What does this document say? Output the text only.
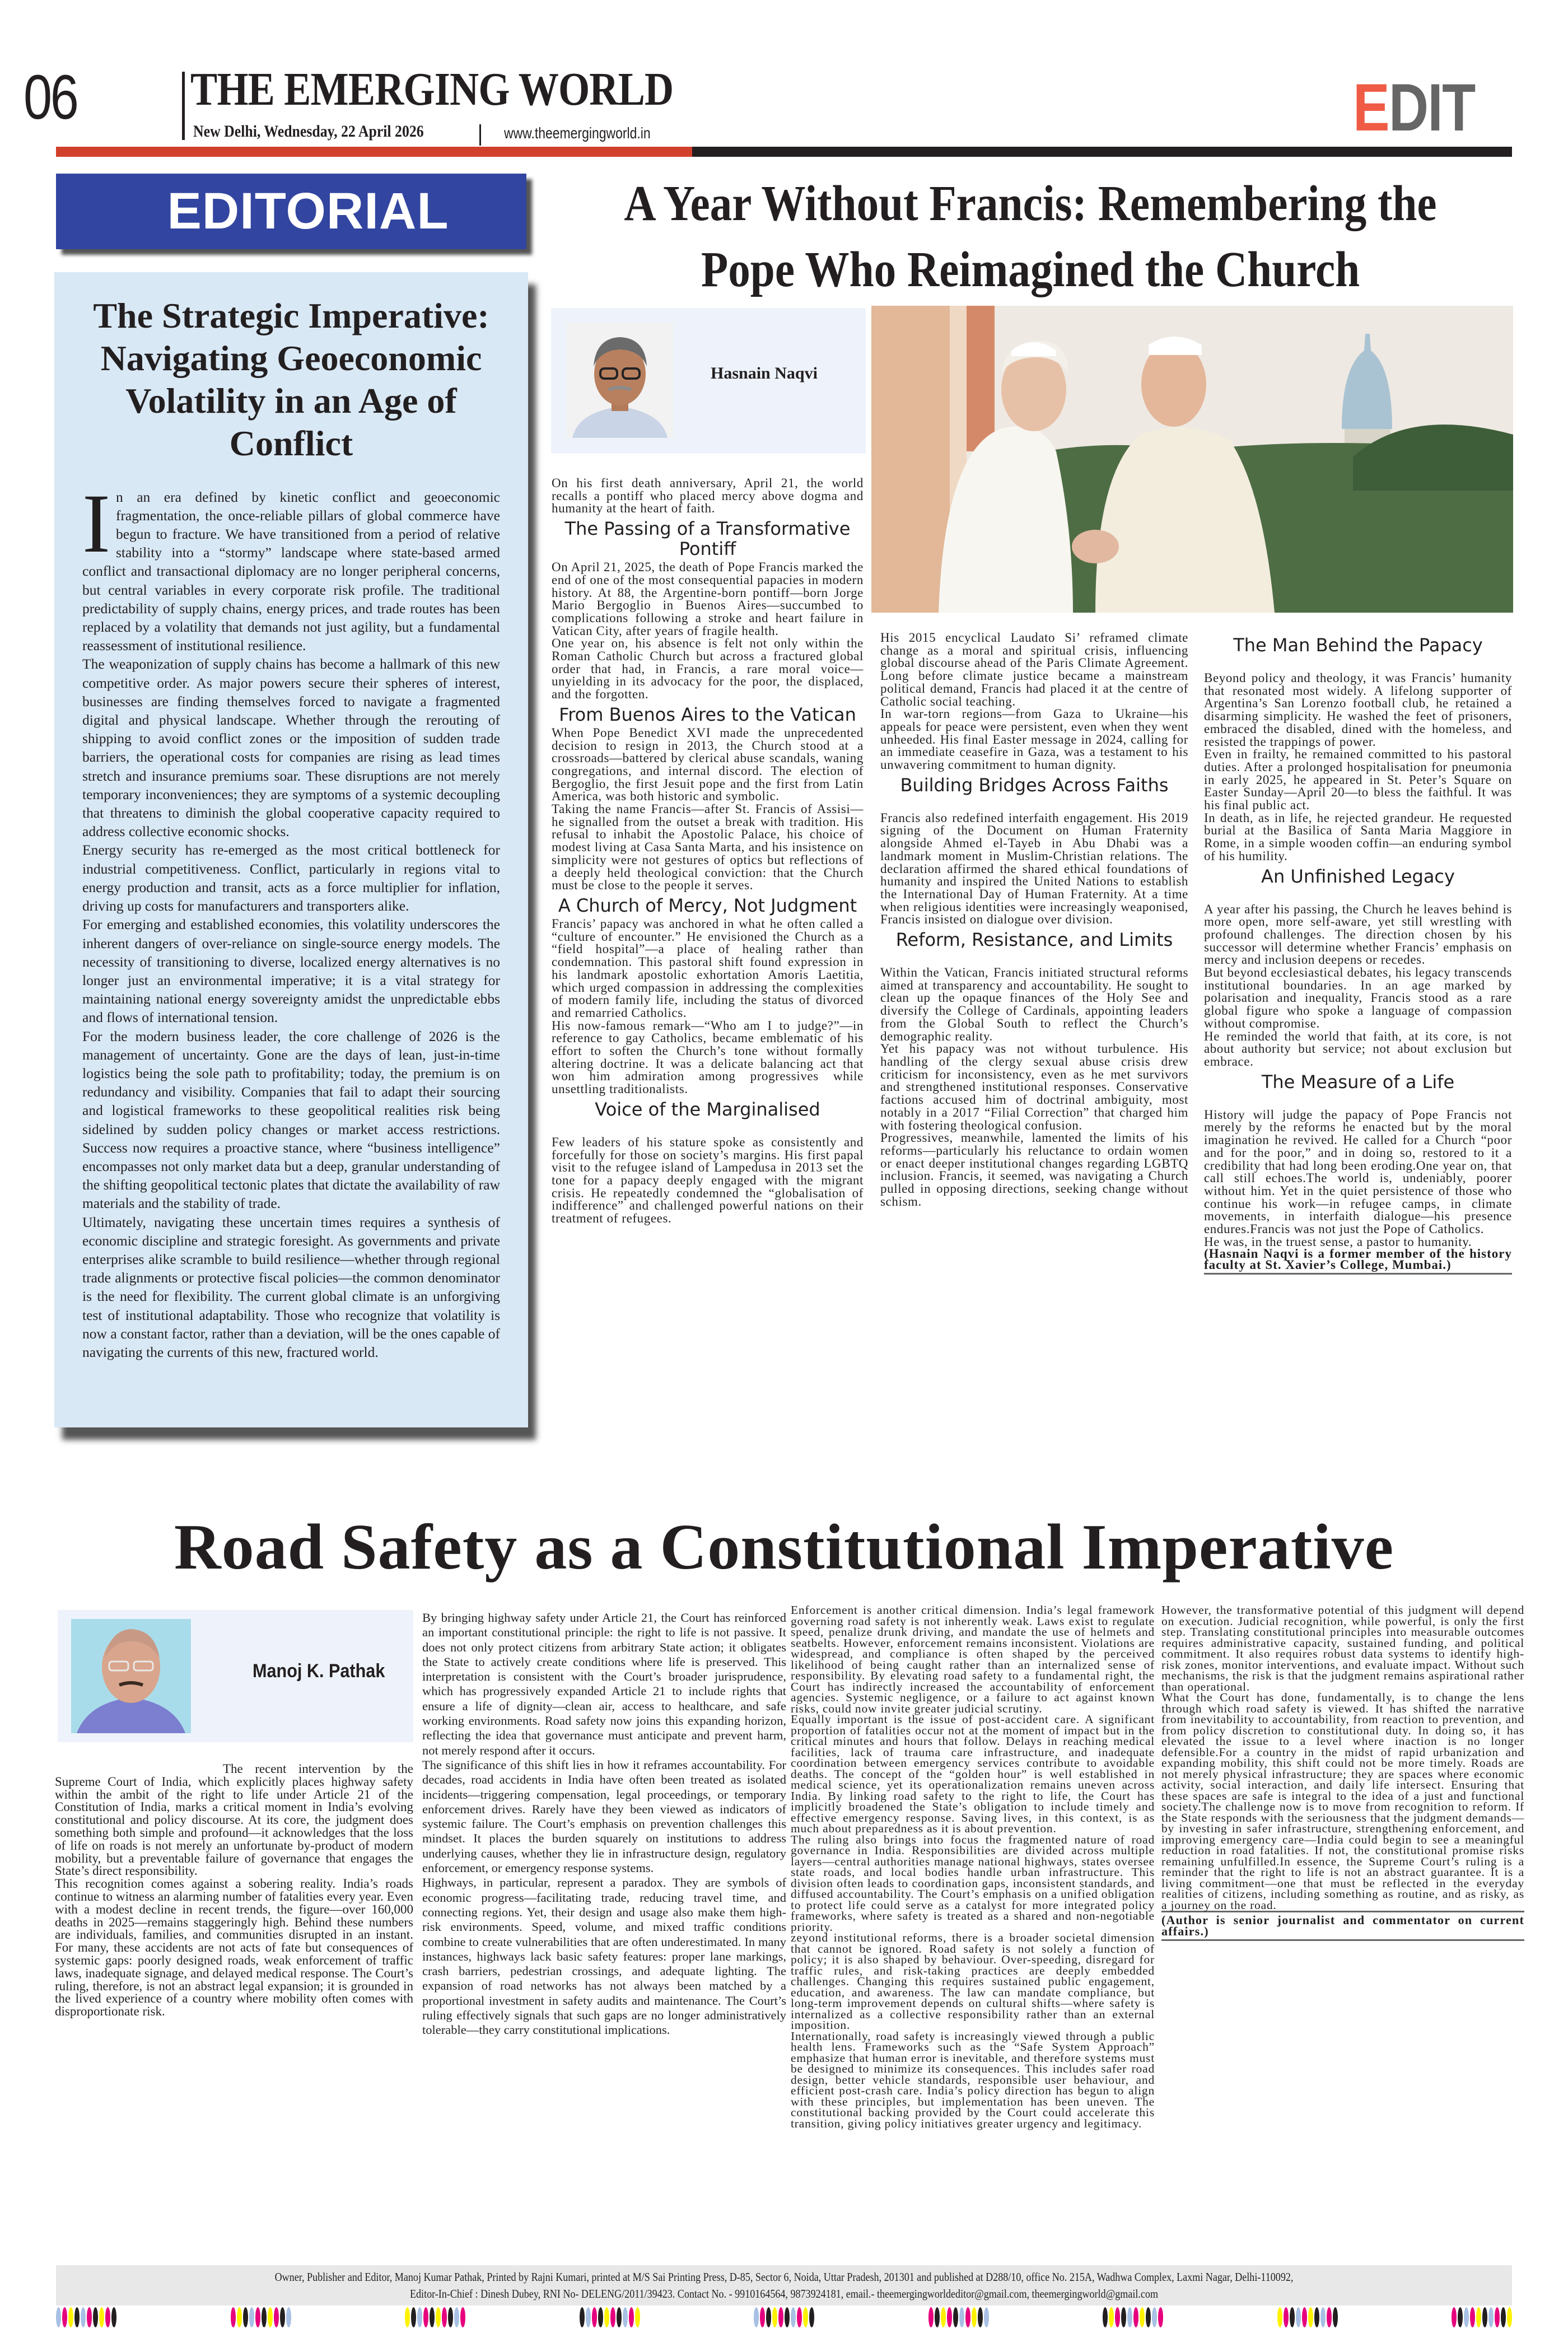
06 THE EMERGING WORLD
New Delhi, Wednesday, 22 April 2026	www.theemergingworld.in	EDIT
EDITORIAL
The Strategic Imperative: Navigating Geoeconomic Volatility in an Age of Conflict

In an era defined by kinetic conflict and geoeconomic fragmentation, the once-reliable pillars of global commerce have begun to fracture. We have transitioned from a period of relative stability into a “stormy” landscape where state-based armed conflict and transactional diplomacy are no longer peripheral concerns, but central variables in every corporate risk profile. The traditional predictability of supply chains, energy prices, and trade routes has been replaced by a volatility that demands not just agility, but a fundamental reassessment of institutional resilience.

The weaponization of supply chains has become a hallmark of this new competitive order. As major powers secure their spheres of interest, businesses are finding themselves forced to navigate a fragmented digital and physical landscape. Whether through the rerouting of shipping to avoid conflict zones or the imposition of sudden trade barriers, the operational costs for companies are rising as lead times stretch and insurance premiums soar. These disruptions are not merely temporary inconveniences; they are symptoms of a systemic decoupling that threatens to diminish the global cooperative capacity required to address collective economic shocks.

Energy security has re-emerged as the most critical bottleneck for industrial competitiveness. Conflict, particularly in regions vital to energy production and transit, acts as a force multiplier for inflation, driving up costs for manufacturers and transporters alike.

For emerging and established economies, this volatility underscores the inherent dangers of over-reliance on single-source energy models. The necessity of transitioning to diverse, localized energy alternatives is no longer just an environmental imperative; it is a vital strategy for maintaining national energy sovereignty amidst the unpredictable ebbs and flows of international tension.

For the modern business leader, the core challenge of 2026 is the management of uncertainty. Gone are the days of lean, just-in-time logistics being the sole path to profitability; today, the premium is on redundancy and visibility. Companies that fail to adapt their sourcing and logistical frameworks to these geopolitical realities risk being sidelined by sudden policy changes or market access restrictions. Success now requires a proactive stance, where “business intelligence” encompasses not only market data but a deep, granular understanding of the shifting geopolitical tectonic plates that dictate the availability of raw materials and the stability of trade.

Ultimately, navigating these uncertain times requires a synthesis of economic discipline and strategic foresight. As governments and private enterprises alike scramble to build resilience—whether through regional trade alignments or protective fiscal policies—the common denominator is the need for flexibility. The current global climate is an unforgiving test of institutional adaptability. Those who recognize that volatility is now a constant factor, rather than a deviation, will be the ones capable of navigating the currents of this new, fractured world.

A Year Without Francis: Remembering the Pope Who Reimagined the Church
Hasnain Naqvi

On his first death anniversary, April 21, the world recalls a pontiff who placed mercy above dogma and humanity at the heart of faith.

The Passing of a Transformative Pontiff

On April 21, 2025, the death of Pope Francis marked the end of one of the most consequential papacies in modern history. At 88, the Argentine-born pontiff—born Jorge Mario Bergoglio in Buenos Aires—succumbed to complications following a stroke and heart failure in Vatican City, after years of fragile health.

One year on, his absence is felt not only within the Roman Catholic Church but across a fractured global order that had, in Francis, a rare moral voice—unyielding in its advocacy for the poor, the displaced, and the forgotten.

From Buenos Aires to the Vatican

When Pope Benedict XVI made the unprecedented decision to resign in 2013, the Church stood at a crossroads—battered by clerical abuse scandals, waning congregations, and internal discord. The election of Bergoglio, the first Jesuit pope and the first from Latin America, was both historic and symbolic.

Taking the name Francis—after St. Francis of Assisi—he signalled from the outset a break with tradition. His refusal to inhabit the Apostolic Palace, his choice of modest living at Casa Santa Marta, and his insistence on simplicity were not gestures of optics but reflections of a deeply held theological conviction: that the Church must be close to the people it serves.

A Church of Mercy, Not Judgment

Francis’ papacy was anchored in what he often called a “culture of encounter.” He envisioned the Church as a “field hospital”—a place of healing rather than condemnation. This pastoral shift found expression in his landmark apostolic exhortation Amoris Laetitia, which urged compassion in addressing the complexities of modern family life, including the status of divorced and remarried Catholics.

His now-famous remark—“Who am I to judge?”—in reference to gay Catholics, became emblematic of his effort to soften the Church’s tone without formally altering doctrine. It was a delicate balancing act that won him admiration among progressives while unsettling traditionalists.

Voice of the Marginalised

Few leaders of his stature spoke as consistently and forcefully for those on society’s margins. His first papal visit to the refugee island of Lampedusa in 2013 set the tone for a papacy deeply engaged with the migrant crisis. He repeatedly condemned the “globalisation of indifference” and challenged powerful nations on their treatment of refugees.

His 2015 encyclical Laudato Si’ reframed climate change as a moral and spiritual crisis, influencing global discourse ahead of the Paris Climate Agreement. Long before climate justice became a mainstream political demand, Francis had placed it at the centre of Catholic social teaching.

In war-torn regions—from Gaza to Ukraine—his appeals for peace were persistent, even when they went unheeded. His final Easter message in 2024, calling for an immediate ceasefire in Gaza, was a testament to his unwavering commitment to human dignity.

Building Bridges Across Faiths

Francis also redefined interfaith engagement. His 2019 signing of the Document on Human Fraternity alongside Ahmed el-Tayeb in Abu Dhabi was a landmark moment in Muslim-Christian relations. The declaration affirmed the shared ethical foundations of humanity and inspired the United Nations to establish the International Day of Human Fraternity. At a time when religious identities were increasingly weaponised, Francis insisted on dialogue over division.

Reform, Resistance, and Limits

Within the Vatican, Francis initiated structural reforms aimed at transparency and accountability. He sought to clean up the opaque finances of the Holy See and diversify the College of Cardinals, appointing leaders from the Global South to reflect the Church’s demographic reality.

Yet his papacy was not without turbulence. His handling of the clergy sexual abuse crisis drew criticism for inconsistency, even as he met survivors and strengthened institutional responses. Conservative factions accused him of doctrinal ambiguity, most notably in a 2017 “Filial Correction” that charged him with fostering theological confusion.

Progressives, meanwhile, lamented the limits of his reforms—particularly his reluctance to ordain women or enact deeper institutional changes regarding LGBTQ inclusion. Francis, it seemed, was navigating a Church pulled in opposing directions, seeking change without schism.

The Man Behind the Papacy

Beyond policy and theology, it was Francis’ humanity that resonated most widely. A lifelong supporter of Argentina’s San Lorenzo football club, he retained a disarming simplicity. He washed the feet of prisoners, embraced the disabled, dined with the homeless, and resisted the trappings of power.

Even in frailty, he remained committed to his pastoral duties. After a prolonged hospitalisation for pneumonia in early 2025, he appeared in St. Peter’s Square on Easter Sunday—April 20—to bless the faithful. It was his final public act.

In death, as in life, he rejected grandeur. He requested burial at the Basilica of Santa Maria Maggiore in Rome, in a simple wooden coffin—an enduring symbol of his humility.

An Unfinished Legacy

A year after his passing, the Church he leaves behind is more open, more self-aware, yet still wrestling with profound challenges. The direction chosen by his successor will determine whether Francis’ emphasis on mercy and inclusion deepens or recedes.

But beyond ecclesiastical debates, his legacy transcends institutional boundaries. In an age marked by polarisation and inequality, Francis stood as a rare global figure who spoke a language of compassion without compromise.

He reminded the world that faith, at its core, is not about authority but service; not about exclusion but embrace.

The Measure of a Life

History will judge the papacy of Pope Francis not merely by the reforms he enacted but by the moral imagination he revived. He called for a Church “poor and for the poor,” and in doing so, restored to it a credibility that had long been eroding.One year on, that call still echoes.The world is, undeniably, poorer without him. Yet in the quiet persistence of those who continue his work—in refugee camps, in climate movements, in interfaith dialogue—his presence endures.Francis was not just the Pope of Catholics.

He was, in the truest sense, a pastor to humanity.

(Hasnain Naqvi is a former member of the history faculty at St. Xavier’s College, Mumbai.)

Road Safety as a Constitutional Imperative
Manoj K. Pathak

The recent intervention by the Supreme Court of India, which explicitly places highway safety within the ambit of the right to life under Article 21 of the Constitution of India, marks a critical moment in India’s evolving constitutional and policy discourse. At its core, the judgment does something both simple and profound—it acknowledges that the loss of life on roads is not merely an unfortunate by-product of modern mobility, but a preventable failure of governance that engages the State’s direct responsibility.

This recognition comes against a sobering reality. India’s roads continue to witness an alarming number of fatalities every year. Even with a modest decline in recent trends, the figure—over 160,000 deaths in 2025—remains staggeringly high. Behind these numbers are individuals, families, and communities disrupted in an instant. For many, these accidents are not acts of fate but consequences of systemic gaps: poorly designed roads, weak enforcement of traffic laws, inadequate signage, and delayed medical response. The Court’s ruling, therefore, is not an abstract legal expansion; it is grounded in the lived experience of a country where mobility often comes with disproportionate risk.

By bringing highway safety under Article 21, the Court has reinforced an important constitutional principle: the right to life is not passive. It does not only protect citizens from arbitrary State action; it obligates the State to actively create conditions where life is preserved. This interpretation is consistent with the Court’s broader jurisprudence, which has progressively expanded Article 21 to include rights that ensure a life of dignity—clean air, access to healthcare, and safe working environments. Road safety now joins this expanding horizon, reflecting the idea that governance must anticipate and prevent harm, not merely respond after it occurs.

The significance of this shift lies in how it reframes accountability. For decades, road accidents in India have often been treated as isolated incidents—triggering compensation, legal proceedings, or temporary enforcement drives. Rarely have they been viewed as indicators of systemic failure. The Court’s emphasis on prevention challenges this mindset. It places the burden squarely on institutions to address underlying causes, whether they lie in infrastructure design, regulatory enforcement, or emergency response systems.

Highways, in particular, represent a paradox. They are symbols of economic progress—facilitating trade, reducing travel time, and connecting regions. Yet, their design and usage also make them high-risk environments. Speed, volume, and mixed traffic conditions combine to create vulnerabilities that are often underestimated. In many instances, highways lack basic safety features: proper lane markings, crash barriers, pedestrian crossings, and adequate lighting. The expansion of road networks has not always been matched by a proportional investment in safety audits and maintenance. The Court’s ruling effectively signals that such gaps are no longer administratively tolerable—they carry constitutional implications.

Enforcement is another critical dimension. India’s legal framework governing road safety is not inherently weak. Laws exist to regulate speed, penalize drunk driving, and mandate the use of helmets and seatbelts. However, enforcement remains inconsistent. Violations are widespread, and compliance is often shaped by the perceived likelihood of being caught rather than an internalized sense of responsibility. By elevating road safety to a fundamental right, the Court has indirectly increased the accountability of enforcement agencies. Systemic negligence, or a failure to act against known risks, could now invite greater judicial scrutiny.

Equally important is the issue of post-accident care. A significant proportion of fatalities occur not at the moment of impact but in the critical minutes and hours that follow. Delays in reaching medical facilities, lack of trauma care infrastructure, and inadequate coordination between emergency services contribute to avoidable deaths. The concept of the “golden hour” is well established in medical science, yet its operationalization remains uneven across India. By linking road safety to the right to life, the Court has implicitly broadened the State’s obligation to include timely and effective emergency response. Saving lives, in this context, is as much about preparedness as it is about prevention.

The ruling also brings into focus the fragmented nature of road governance in India. Responsibilities are divided across multiple layers—central authorities manage national highways, states oversee state roads, and local bodies handle urban infrastructure. This division often leads to coordination gaps, inconsistent standards, and diffused accountability. The Court’s emphasis on a unified obligation to protect life could serve as a catalyst for more integrated policy frameworks, where safety is treated as a shared and non-negotiable priority.

zeyond institutional reforms, there is a broader societal dimension that cannot be ignored. Road safety is not solely a function of policy; it is also shaped by behaviour. Over-speeding, disregard for traffic rules, and risk-taking practices are deeply embedded challenges. Changing this requires sustained public engagement, education, and awareness. The law can mandate compliance, but long-term improvement depends on cultural shifts—where safety is internalized as a collective responsibility rather than an external imposition.

Internationally, road safety is increasingly viewed through a public health lens. Frameworks such as the “Safe System Approach” emphasize that human error is inevitable, and therefore systems must be designed to minimize its consequences. This includes safer road design, better vehicle standards, responsible user behaviour, and efficient post-crash care. India’s policy direction has begun to align with these principles, but implementation has been uneven. The constitutional backing provided by the Court could accelerate this transition, giving policy initiatives greater urgency and legitimacy.

However, the transformative potential of this judgment will depend on execution. Judicial recognition, while powerful, is only the first step. Translating constitutional principles into measurable outcomes requires administrative capacity, sustained funding, and political commitment. It also requires robust data systems to identify high-risk zones, monitor interventions, and evaluate impact. Without such mechanisms, the risk is that the judgment remains aspirational rather than operational.

What the Court has done, fundamentally, is to change the lens through which road safety is viewed. It has shifted the narrative from inevitability to accountability, from reaction to prevention, and from policy discretion to constitutional duty. In doing so, it has elevated the issue to a level where inaction is no longer defensible.For a country in the midst of rapid urbanization and expanding mobility, this shift could not be more timely. Roads are not merely physical infrastructure; they are spaces where economic activity, social interaction, and daily life intersect. Ensuring that these spaces are safe is integral to the idea of a just and functional society.The challenge now is to move from recognition to reform. If the State responds with the seriousness that the judgment demands—by investing in safer infrastructure, strengthening enforcement, and improving emergency care—India could begin to see a meaningful reduction in road fatalities. If not, the constitutional promise risks remaining unfulfilled.In essence, the Supreme Court’s ruling is a reminder that the right to life is not an abstract guarantee. It is a living commitment—one that must be reflected in the everyday realities of citizens, including something as routine, and as risky, as a journey on the road.

(Author is senior journalist and commentator on current affairs.)

Owner, Publisher and Editor, Manoj Kumar Pathak, Printed by Rajni Kumari, printed at M/S Sai Printing Press, D-85, Sector 6, Noida, Uttar Pradesh, 201301 and published at D288/10, office No. 215A, Wadhwa Complex, Laxmi Nagar, Delhi-110092,
Editor-In-Chief : Dinesh Dubey, RNI No- DELENG/2011/39423. Contact No. - 9910164564, 9873924181, email.- theemergingworldeditor@gmail.com, theemergingworld@gmail.com
